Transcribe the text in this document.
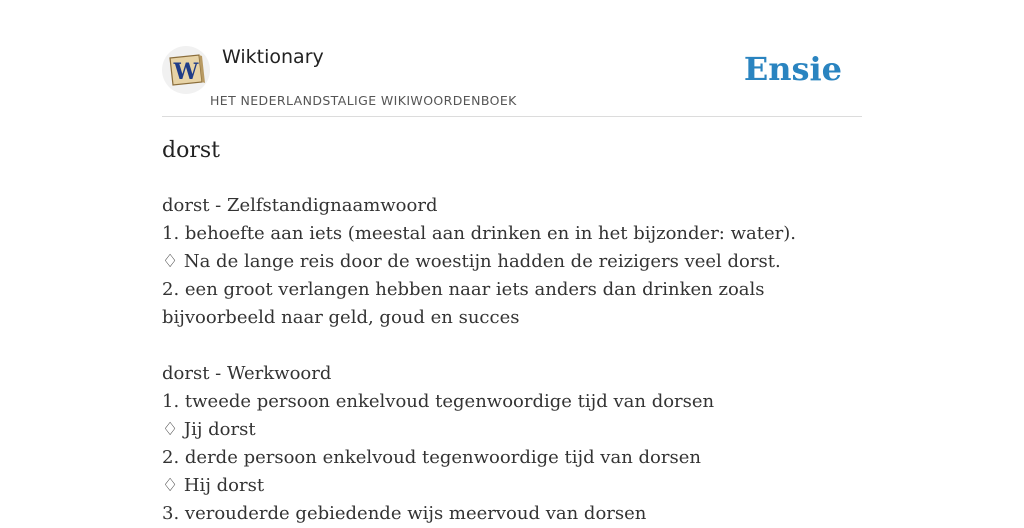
W
Wiktionary
HET NEDERLANDSTALIGE WIKIWOORDENBOEK
Ensie
dorst
dorst - Zelfstandignaamwoord
1. behoefte aan iets (meestal aan drinken en in het bijzonder: water).
♢ Na de lange reis door de woestijn hadden de reizigers veel dorst.
2. een groot verlangen hebben naar iets anders dan drinken zoals bijvoorbeeld naar geld, goud en succes
dorst - Werkwoord
1. tweede persoon enkelvoud tegenwoordige tijd van dorsen
♢ Jij dorst
2. derde persoon enkelvoud tegenwoordige tijd van dorsen
♢ Hij dorst
3. verouderde gebiedende wijs meervoud van dorsen
